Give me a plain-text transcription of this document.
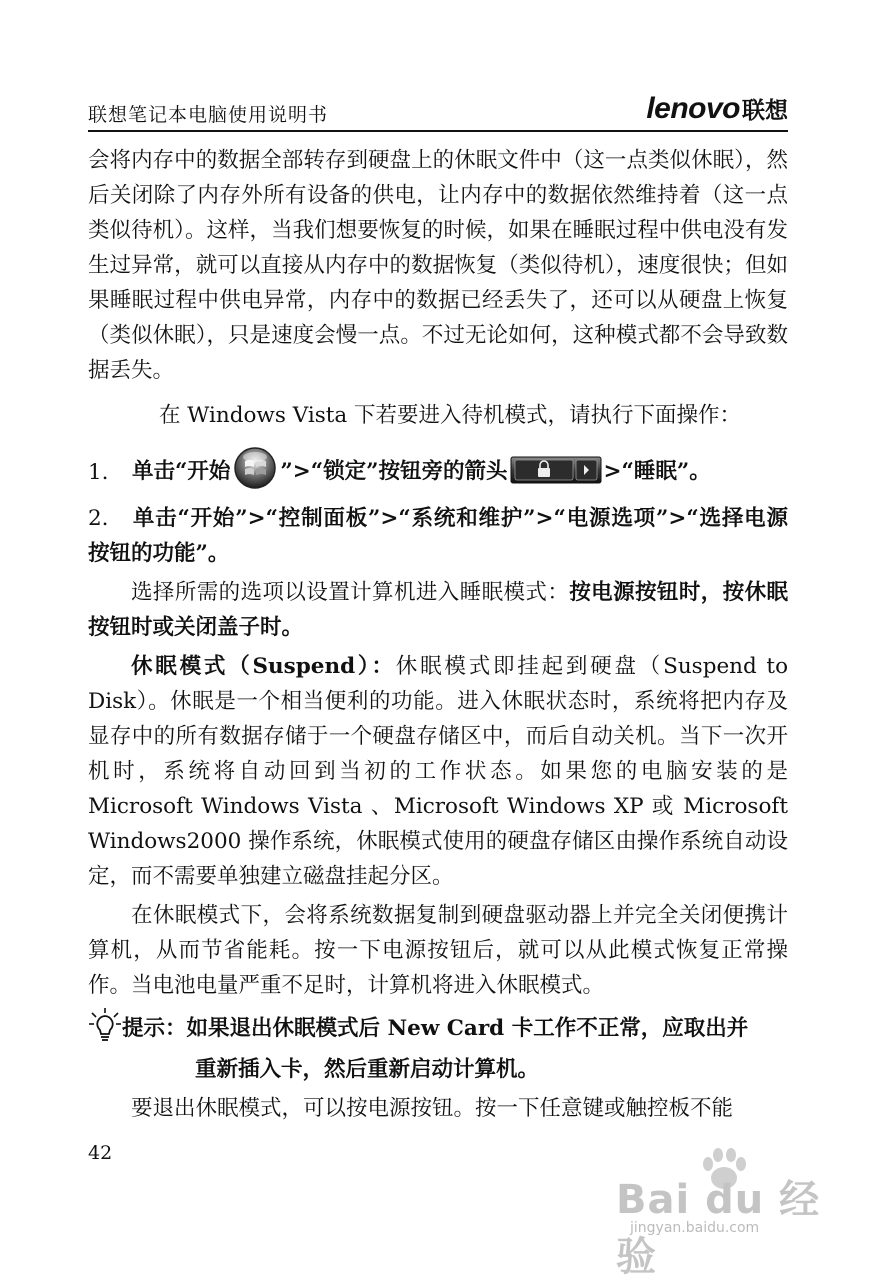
联想笔记本电脑使用说明书	lenovo 联想

会将内存中的数据全部转存到硬盘上的休眠文件中（这一点类似休眠），然后关闭除了内存外所有设备的供电，让内存中的数据依然维持着（这一点类似待机）。这样，当我们想要恢复的时候，如果在睡眠过程中供电没有发生过异常，就可以直接从内存中的数据恢复（类似待机），速度很快；但如果睡眠过程中供电异常，内存中的数据已经丢失了，还可以从硬盘上恢复（类似休眠），只是速度会慢一点。不过无论如何，这种模式都不会导致数据丢失。

在 Windows Vista 下若要进入待机模式，请执行下面操作：

1.	单击“开始 ”>“锁定”按钮旁的箭头	>“睡眠”。

2. 单击“开始”>“控制面板”>“系统和维护”>“电源选项”>“选择电源按钮的功能”。

选择所需的选项以设置计算机进入睡眠模式：按电源按钮时，按休眠按钮时或关闭盖子时。

休眠模式（Suspend）：休眠模式即挂起到硬盘（Suspend to Disk）。休眠是一个相当便利的功能。进入休眠状态时，系统将把内存及显存中的所有数据存储于一个硬盘存储区中，而后自动关机。当下一次开机时，系统将自动回到当初的工作状态。如果您的电脑安装的是Microsoft Windows Vista 、Microsoft Windows XP 或 Microsoft Windows2000 操作系统，休眠模式使用的硬盘存储区由操作系统自动设定，而不需要单独建立磁盘挂起分区。

在休眠模式下，会将系统数据复制到硬盘驱动器上并完全关闭便携计算机，从而节省能耗。按一下电源按钮后，就可以从此模式恢复正常操作。当电池电量严重不足时，计算机将进入休眠模式。

提示：如果退出休眠模式后 New Card 卡工作不正常，应取出并

重新插入卡，然后重新启动计算机。

要退出休眠模式，可以按电源按钮。按一下任意键或触控板不能

42
Bai du 经验
jingyan.baidu.com
